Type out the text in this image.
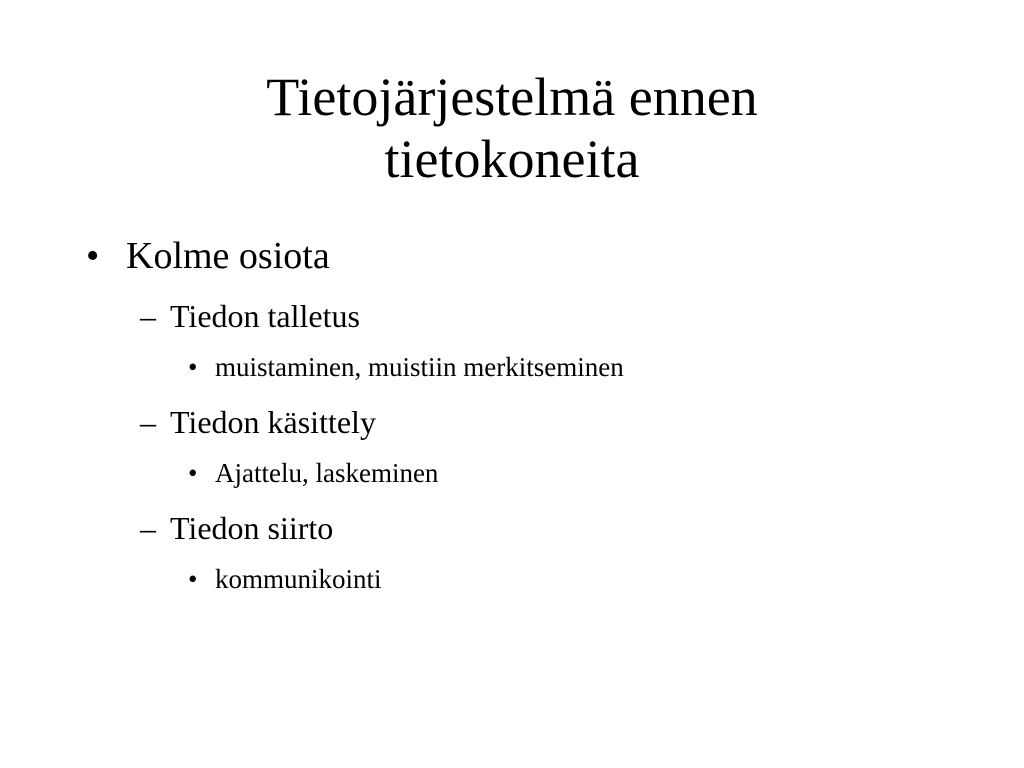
Tietojärjestelmä ennen
tietokoneita
• Kolme osiota
– Tiedon talletus
• muistaminen, muistiin merkitseminen
– Tiedon käsittely
• Ajattelu, laskeminen
– Tiedon siirto
• kommunikointi
